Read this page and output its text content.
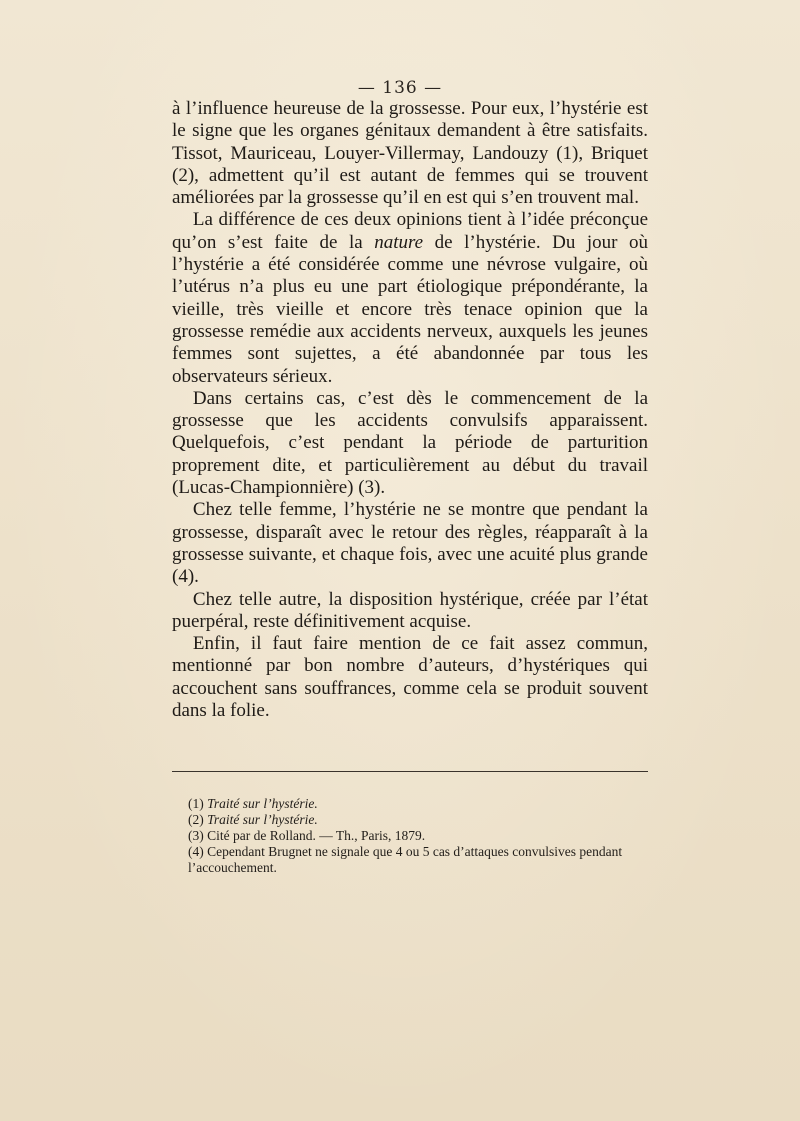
— 136 —

à l’influence heureuse de la grossesse. Pour eux, l’hystérie est le signe que les organes génitaux demandent à être satisfaits. Tissot, Mauriceau, Louyer-Villermay, Landouzy (1), Briquet (2), admettent qu’il est autant de femmes qui se trouvent améliorées par la grossesse qu’il en est qui s’en trouvent mal.

La différence de ces deux opinions tient à l’idée préconçue qu’on s’est faite de la nature de l’hystérie. Du jour où l’hystérie a été considérée comme une névrose vulgaire, où l’utérus n’a plus eu une part étiologique prépondérante, la vieille, très vieille et encore très tenace opinion que la grossesse remédie aux accidents nerveux, auxquels les jeunes femmes sont sujettes, a été abandonnée par tous les observateurs sérieux.

Dans certains cas, c’est dès le commencement de la grossesse que les accidents convulsifs apparaissent. Quelquefois, c’est pendant la période de parturition proprement dite, et particulièrement au début du travail (Lucas-Championnière) (3).

Chez telle femme, l’hystérie ne se montre que pendant la grossesse, disparaît avec le retour des règles, réapparaît à la grossesse suivante, et chaque fois, avec une acuité plus grande (4).

Chez telle autre, la disposition hystérique, créée par l’état puerpéral, reste définitivement acquise.

Enfin, il faut faire mention de ce fait assez commun, mentionné par bon nombre d’auteurs, d’hystériques qui accouchent sans souffrances, comme cela se produit souvent dans la folie.

(1) Traité sur l’hystérie.
(2) Traité sur l’hystérie.
(3) Cité par de Rolland. — Th., Paris, 1879.
(4) Cependant Brugnet ne signale que 4 ou 5 cas d’attaques convulsives pendant l’accouchement.
